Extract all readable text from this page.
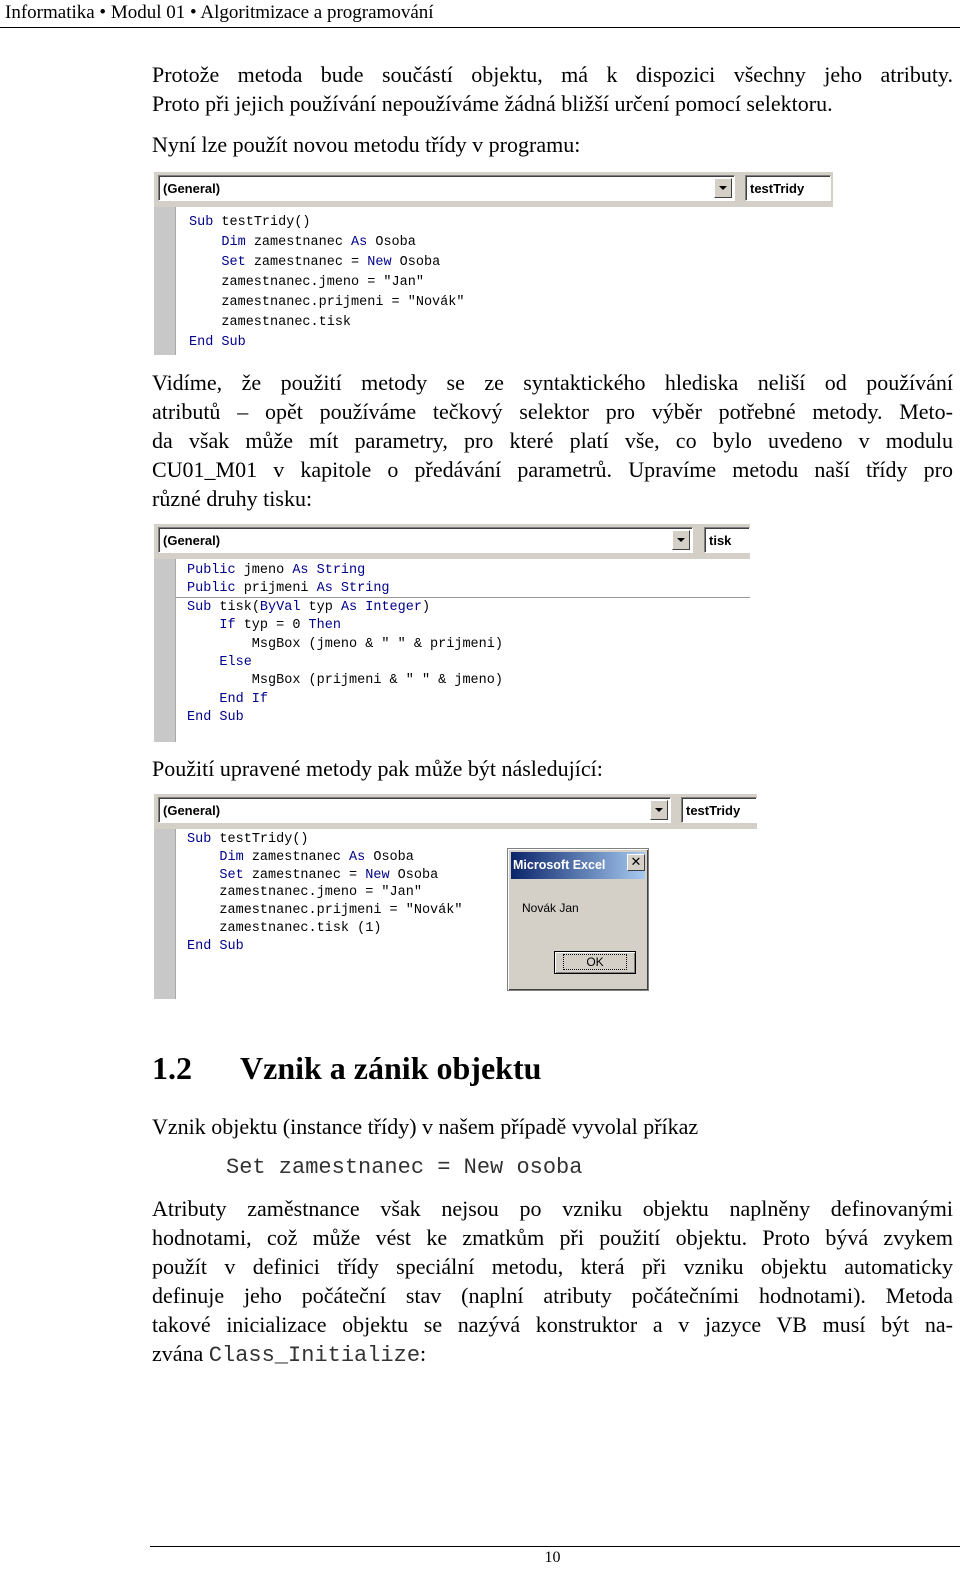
Informatika • Modul 01 • Algoritmizace a programování

Protože metoda bude součástí objektu, má k dispozici všechny jeho atributy.
Proto při jejich používání nepoužíváme žádná bližší určení pomocí selektoru.

Nyní lze použít novou metodu třídy v programu:

(General)	testTridy
Sub testTridy()
Dim zamestnanec As Osoba
Set zamestnanec = New Osoba
zamestnanec.jmeno = "Jan"
zamestnanec.prijmeni = "Novák"
zamestnanec.tisk
End Sub

Vidíme, že použití metody se ze syntaktického hlediska neliší od používání
atributů – opět používáme tečkový selektor pro výběr potřebné metody. Meto-
da však může mít parametry, pro které platí vše, co bylo uvedeno v modulu
CU01_M01 v kapitole o předávání parametrů. Upravíme metodu naší třídy pro
různé druhy tisku:

(General)	tisk
Public jmeno As String
Public prijmeni As String
Sub tisk(ByVal typ As Integer)
If typ = 0 Then
MsgBox (jmeno & " " & prijmeni)
Else
MsgBox (prijmeni & " " & jmeno)
End If
End Sub

Použití upravené metody pak může být následující:

(General)	testTridy
Sub testTridy()
Dim zamestnanec As Osoba
Set zamestnanec = New Osoba
zamestnanec.jmeno = "Jan"
zamestnanec.prijmeni = "Novák"
zamestnanec.tisk (1)
End Sub
Microsoft Excel	✕
Novák Jan
OK
1.2 Vznik a zánik objektu

Vznik objektu (instance třídy) v našem případě vyvolal příkaz

Set zamestnanec = New osoba

Atributy zaměstnance však nejsou po vzniku objektu naplněny definovanými
hodnotami, což může vést ke zmatkům při použití objektu. Proto bývá zvykem
použít v definici třídy speciální metodu, která při vzniku objektu automaticky
definuje jeho počáteční stav (naplní atributy počátečními hodnotami). Metoda
takové inicializace objektu se nazývá konstruktor a v jazyce VB musí být na-
zvána Class_Initialize:

10
